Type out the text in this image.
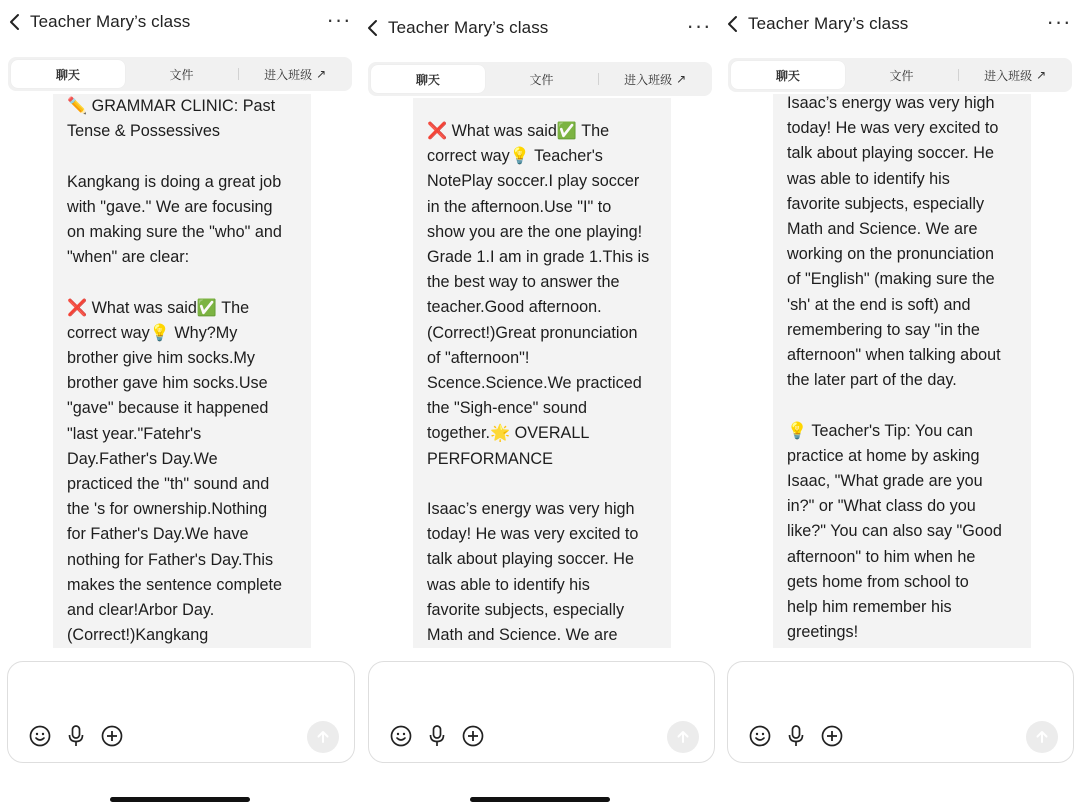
Teacher Mary’s class	···
聊天	文件	进入班级 ↗
✏️ GRAMMAR CLINIC: Past
Tense & Possessives

Kangkang is doing a great job
with "gave." We are focusing
on making sure the "who" and
"when" are clear:

❌ What was said✅ The
correct way💡 Why?My
brother give him socks.My
brother gave him socks.Use
"gave" because it happened
"last year."Fatehr's
Day.Father's Day.We
practiced the "th" sound and
the 's for ownership.Nothing
for Father's Day.We have
nothing for Father's Day.This
makes the sentence complete
and clear!Arbor Day.
(Correct!)Kangkang
Teacher Mary’s class	···
聊天	文件	进入班级 ↗
❌ What was said✅ The
correct way💡 Teacher's
NotePlay soccer.I play soccer
in the afternoon.Use "I" to
show you are the one playing!
Grade 1.I am in grade 1.This is
the best way to answer the
teacher.Good afternoon.
(Correct!)Great pronunciation
of "afternoon"!
Scence.Science.We practiced
the "Sigh-ence" sound
together.🌟 OVERALL
PERFORMANCE

Isaac’s energy was very high
today! He was very excited to
talk about playing soccer. He
was able to identify his
favorite subjects, especially
Math and Science. We are
Teacher Mary’s class	···
聊天	文件	进入班级 ↗
Isaac’s energy was very high
today! He was very excited to
talk about playing soccer. He
was able to identify his
favorite subjects, especially
Math and Science. We are
working on the pronunciation
of "English" (making sure the
'sh' at the end is soft) and
remembering to say "in the
afternoon" when talking about
the later part of the day.

💡 Teacher's Tip: You can
practice at home by asking
Isaac, "What grade are you
in?" or "What class do you
like?" You can also say "Good
afternoon" to him when he
gets home from school to
help him remember his
greetings!
